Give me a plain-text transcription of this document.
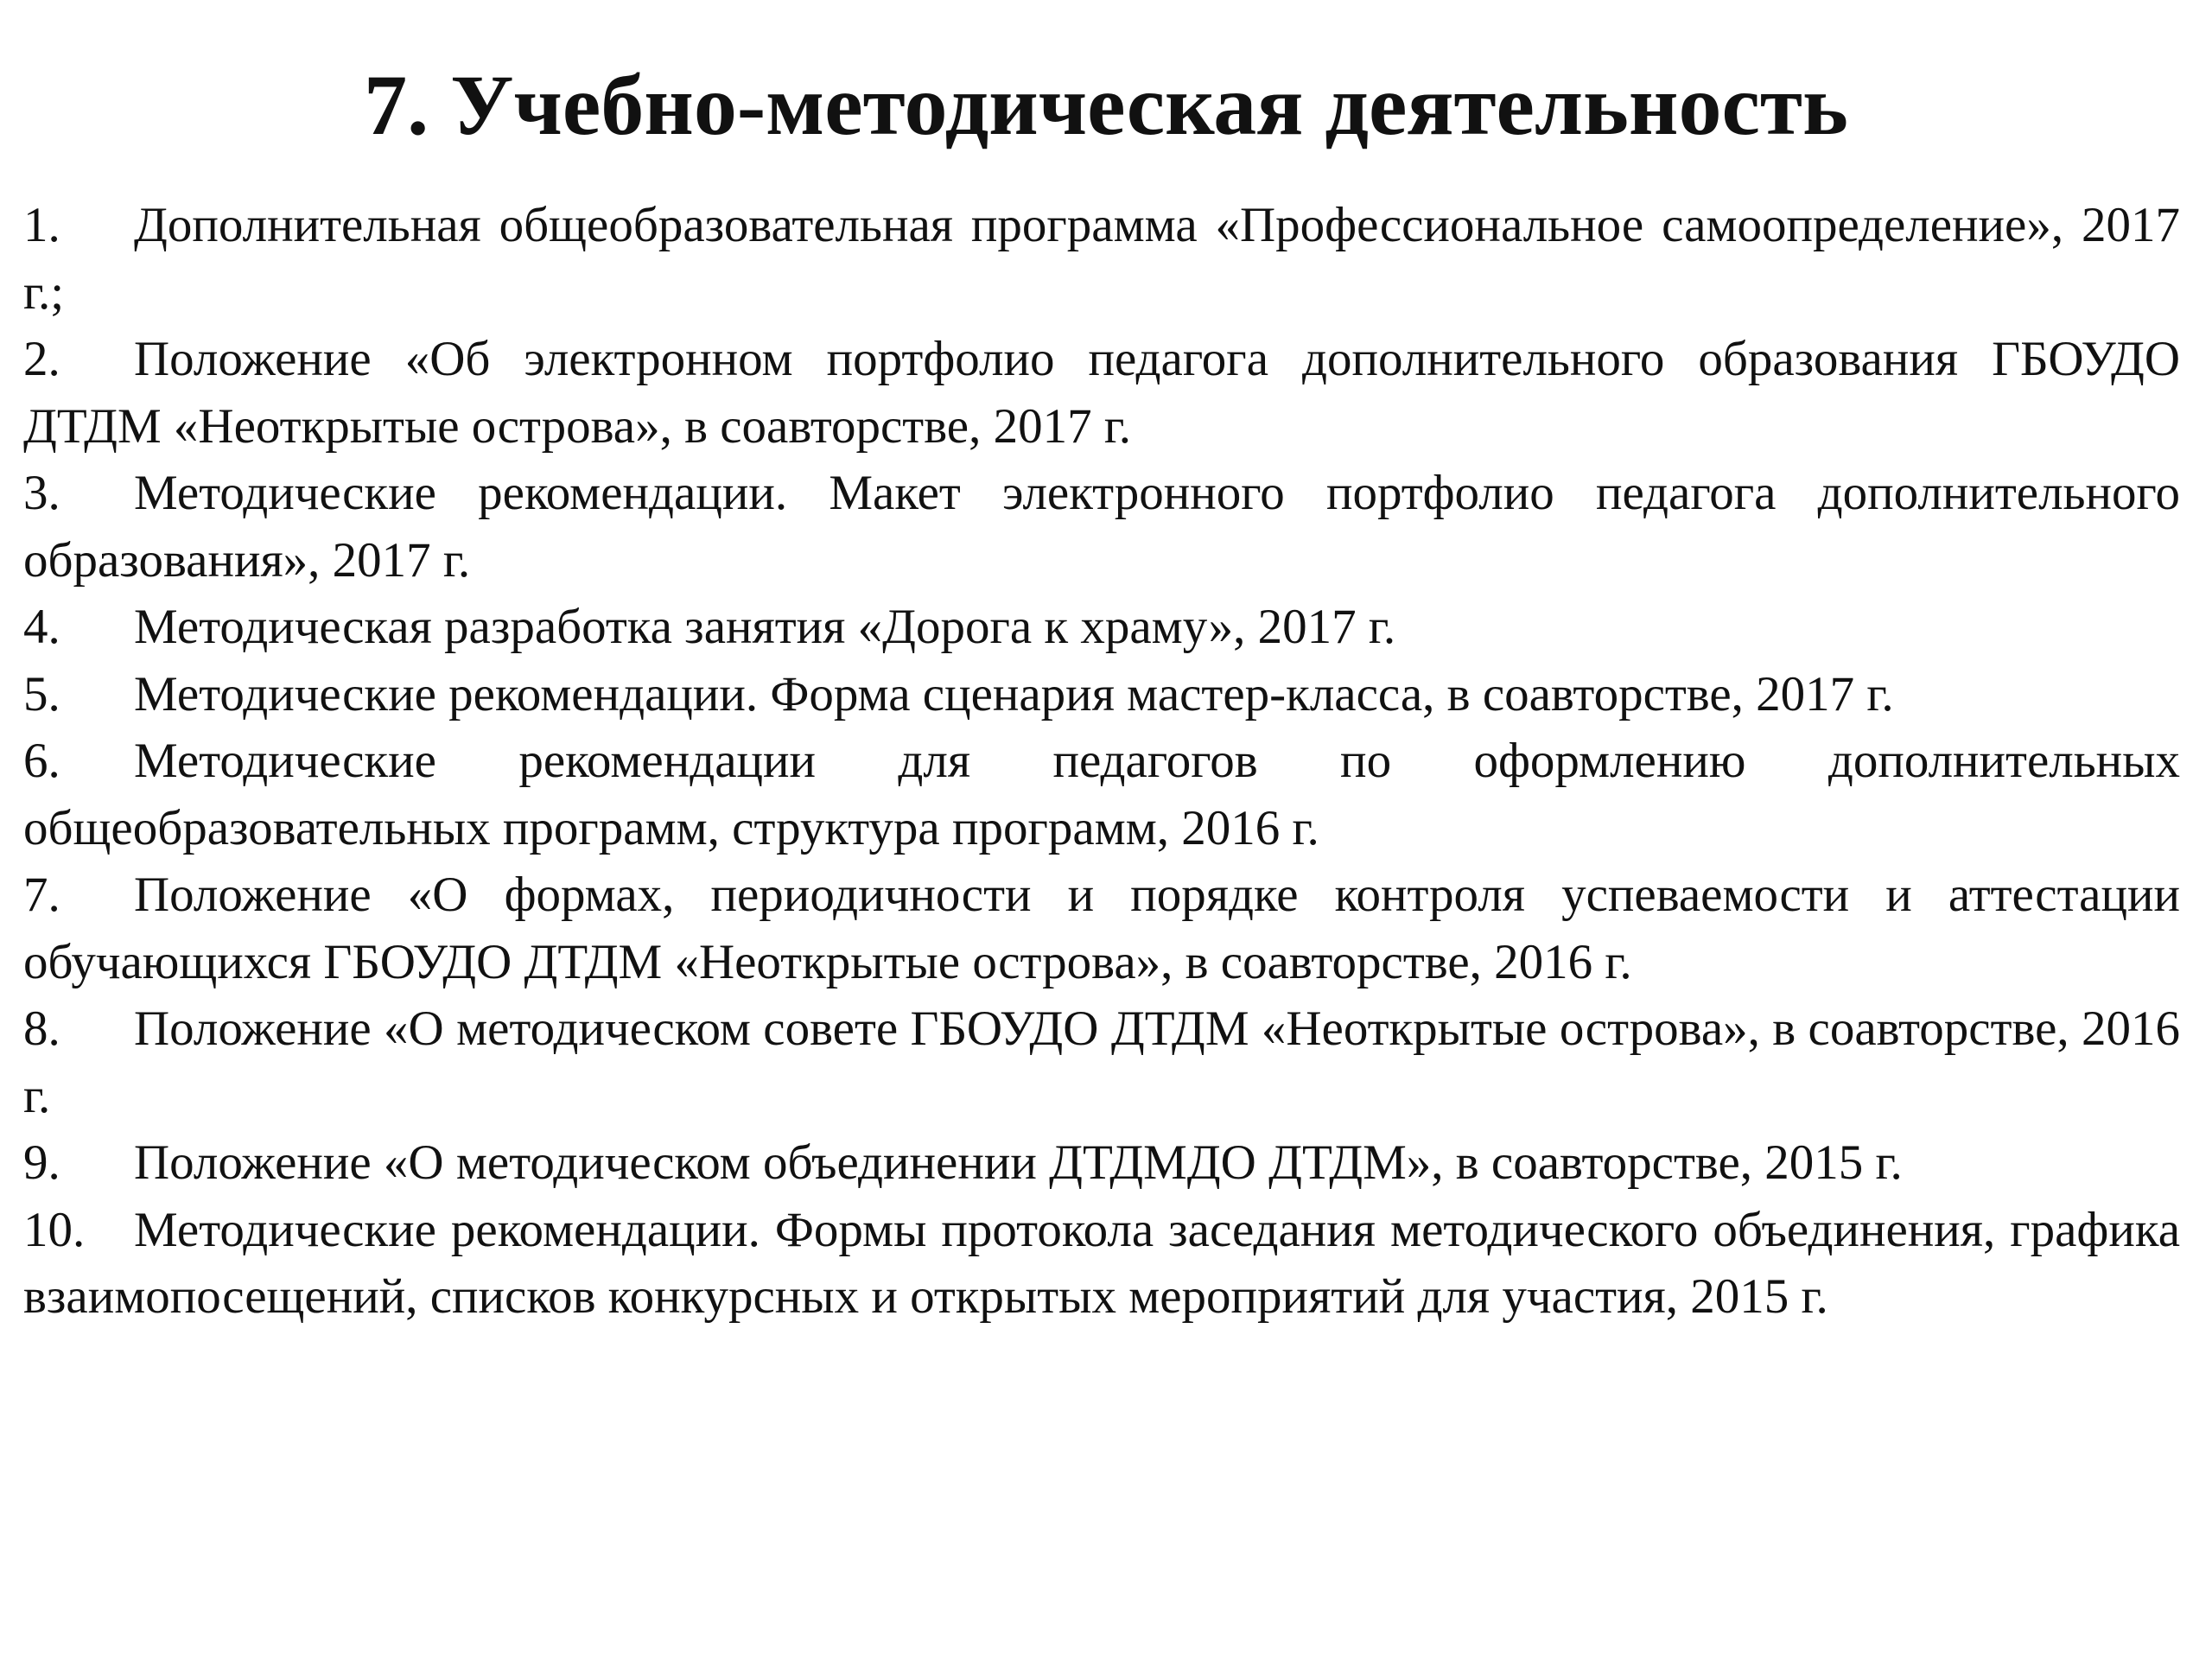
7. Учебно-методическая деятельность
1. Дополнительная общеобразовательная программа «Профессиональное самоопределение», 2017 г.;
2. Положение «Об электронном портфолио педагога дополнительного образования ГБОУДО ДТДМ «Неоткрытые острова», в соавторстве, 2017 г.
3. Методические рекомендации. Макет электронного портфолио педагога дополнительного образования», 2017 г.
4. Методическая разработка занятия «Дорога к храму», 2017 г.
5. Методические рекомендации. Форма сценария мастер-класса, в соавторстве, 2017 г.
6. Методические рекомендации для педагогов по оформлению дополнительных общеобразовательных программ, структура программ, 2016 г.
7. Положение «О формах, периодичности и порядке контроля успеваемости и аттестации обучающихся ГБОУДО ДТДМ «Неоткрытые острова», в соавторстве, 2016 г.
8. Положение «О методическом совете ГБОУДО ДТДМ «Неоткрытые острова», в соавторстве, 2016 г.
9. Положение «О методическом объединении ДТДМДО ДТДМ», в соавторстве, 2015 г.
10. Методические рекомендации. Формы протокола заседания методического объединения, графика взаимопосещений, списков конкурсных и открытых мероприятий для участия, 2015 г.
